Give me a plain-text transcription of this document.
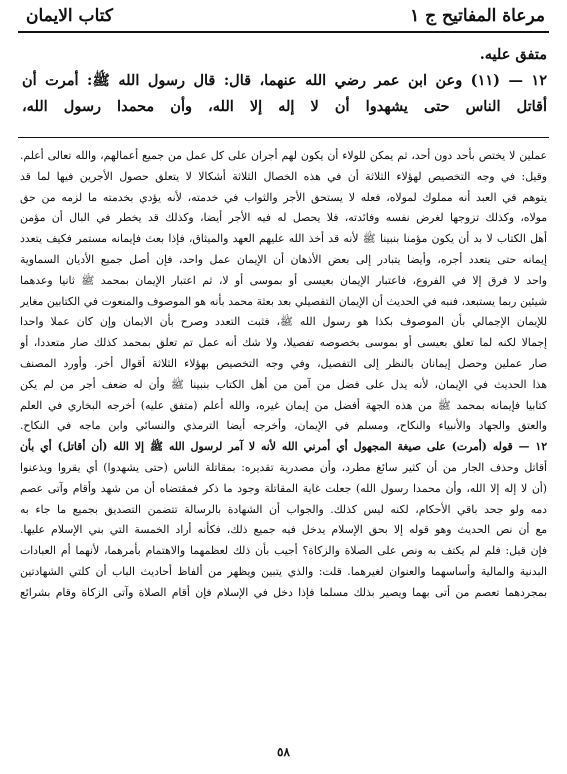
مرعاة المفاتيح ج ١
كتاب الايمان
متفق عليه.
١٢ — (١١) وعن ابن عمر رضي الله عنهما، قال: قال رسول الله ﷺ: أمرت أن
أقاتل الناس حتى يشهدوا أن لا إله إلا الله، وأن محمدا رسول الله،
عملين لا يختص بأحد دون أحد، ثم يمكن للولاء أن يكون لهم أجران على كل عمل من جميع أعمالهم، والله تعالى أعلم.
وقيل: في وجه التخصيص لهؤلاء الثلاثة أن في هذه الخصال الثلاثة أشكالا لا يتعلق حصول الأجرين فيها لما قد
يتوهم في العبد أنه مملوك لمولاه، فعله لا يستحق الأجر والثواب في خدمته، لأنه يؤدي بخدمته ما لزمه من حق
مولاه، وكذلك تزوجها لغرض نفسه وفائدته، فلا يحصل له فيه الأجر أيضا، وكذلك قد يخطر في البال أن مؤمن
أهل الكتاب لا بد أن يكون مؤمنا بنبينا ﷺ لأنه قد أخذ الله عليهم العهد والميثاق، فإذا بعث فإيمانه مستمر فكيف يتعدد
إيمانه حتى يتعدد أجره، وأيضا يتبادر إلى بعض الأذهان أن الإيمان عمل واحد، فإن أصل جميع الأديان السماوية
واحد لا فرق إلا في الفروع، فاعتبار الإيمان بعيسى أو بموسى أو لا، ثم اعتبار الإيمان بمحمد ﷺ ثانيا وعدهما
شيئين ربما يستبعد، فنبه في الحديث أن الإيمان التفصيلي بعد بعثة محمد بأنه هو الموصوف والمنعوت في الكتابين مغاير
للإيمان الإجمالي بأن الموصوف بكذا هو رسول الله ﷺ، فثبت التعدد وصرح بأن الايمان وإن كان عملا واحدا
إجمالا لكنه لما تعلق بعيسى أو بموسى بخصوصه تفصيلا، ولا شك أنه عمل تم تعلق بمحمد كذلك صار متعددا، أو
صار عملين وحصل إيمانان بالنظر إلى التفصيل، وفي وجه التخصيص بهؤلاء الثلاثة أقوال أخر. وأورد المصنف
هذا الحديث في الإيمان، لأنه يدل على فضل من آمن من أهل الكتاب بنبينا ﷺ وأن له ضعف أجر من لم يكن
كتابيا فإيمانه بمحمد ﷺ من هذه الجهة أفضل من إيمان غيره، والله أعلم (متفق عليه) أخرجه البخاري في العلم
والعتق والجهاد والأنبياء والنكاح، ومسلم في الإيمان، وأخرجه أيضا الترمذي والنسائي وابن ماجه في النكاح.
١٢ — قوله (أمرت) على صيغة المجهول أي أمرني الله لأنه لا آمر لرسول الله ﷺ إلا الله (أن أقاتل) أي بأن
أقاتل وحذف الجار من أن كثير سائغ مطرد، وأن مصدرية تقديره: بمقاتلة الناس (حتى يشهدوا) أي يقروا ويذعنوا
(أن لا إله إلا الله، وأن محمدا رسول الله) جعلت غاية المقاتلة وجود ما ذكر فمقتضاه أن من شهد وأقام وآتى عصم
دمه ولو جحد باقي الأحكام، لكنه ليس كذلك. والجواب أن الشهادة بالرسالة تتضمن التصديق بجميع ما جاء به
مع أن نص الحديث وهو قوله إلا بحق الإسلام يدخل فيه جميع ذلك، فكأنه أراد الخمسة التي بني الإسلام عليها.
فإن قيل: فلم لم يكتف به ونص على الصلاة والزكاة؟ أجيب بأن ذلك لعظمهما والاهتمام بأمرهما، لأنهما أم العبادات
البدنية والمالية وأساسهما والعنوان لغيرهما. قلت: والذي يتبين ويظهر من ألفاظ أحاديث الباب أن كلتي الشهادتين
بمجردهما تعصم من أتى بهما ويصير بذلك مسلما فإذا دخل في الإسلام فإن أقام الصلاة وآتى الزكاة وقام بشرائع
٥٨
